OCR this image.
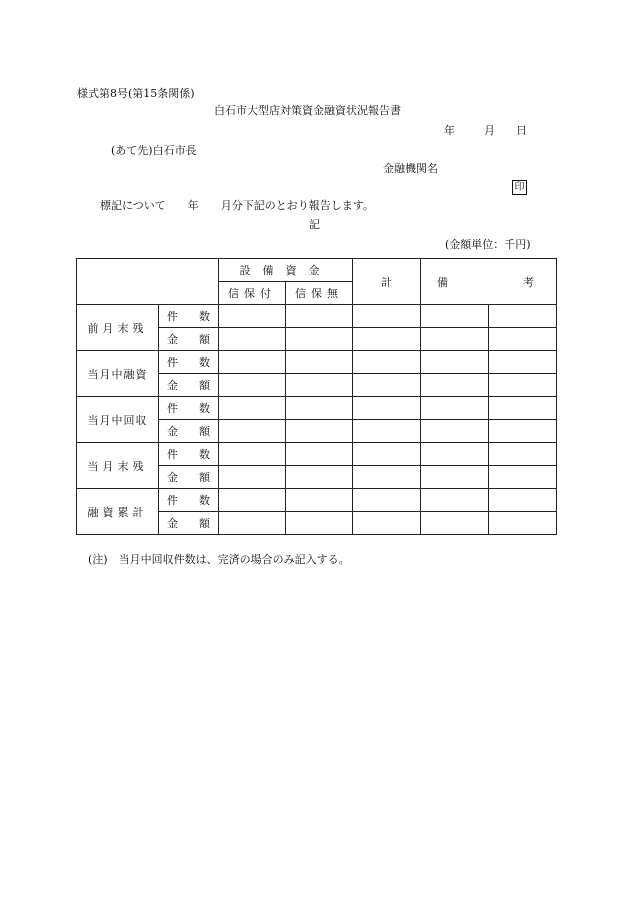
様式第8号(第15条関係)
白石市大型店対策資金融資状況報告書
年	月 日
(あて先)白石市長
金融機関名
印
標記について　　年　　月分下記のとおり報告します。
記
(金額単位：千円)
		設備資金		計	備 考	

		信保付	信保無			
前月末残	件数					
	金額					
当月中融資	件数					
	金額					
当月中回収	件数					
	金額					
当月末残	件数					
	金額					
融資累計	件数					
	金額					
(注)　当月中回収件数は、完済の場合のみ記入する。
